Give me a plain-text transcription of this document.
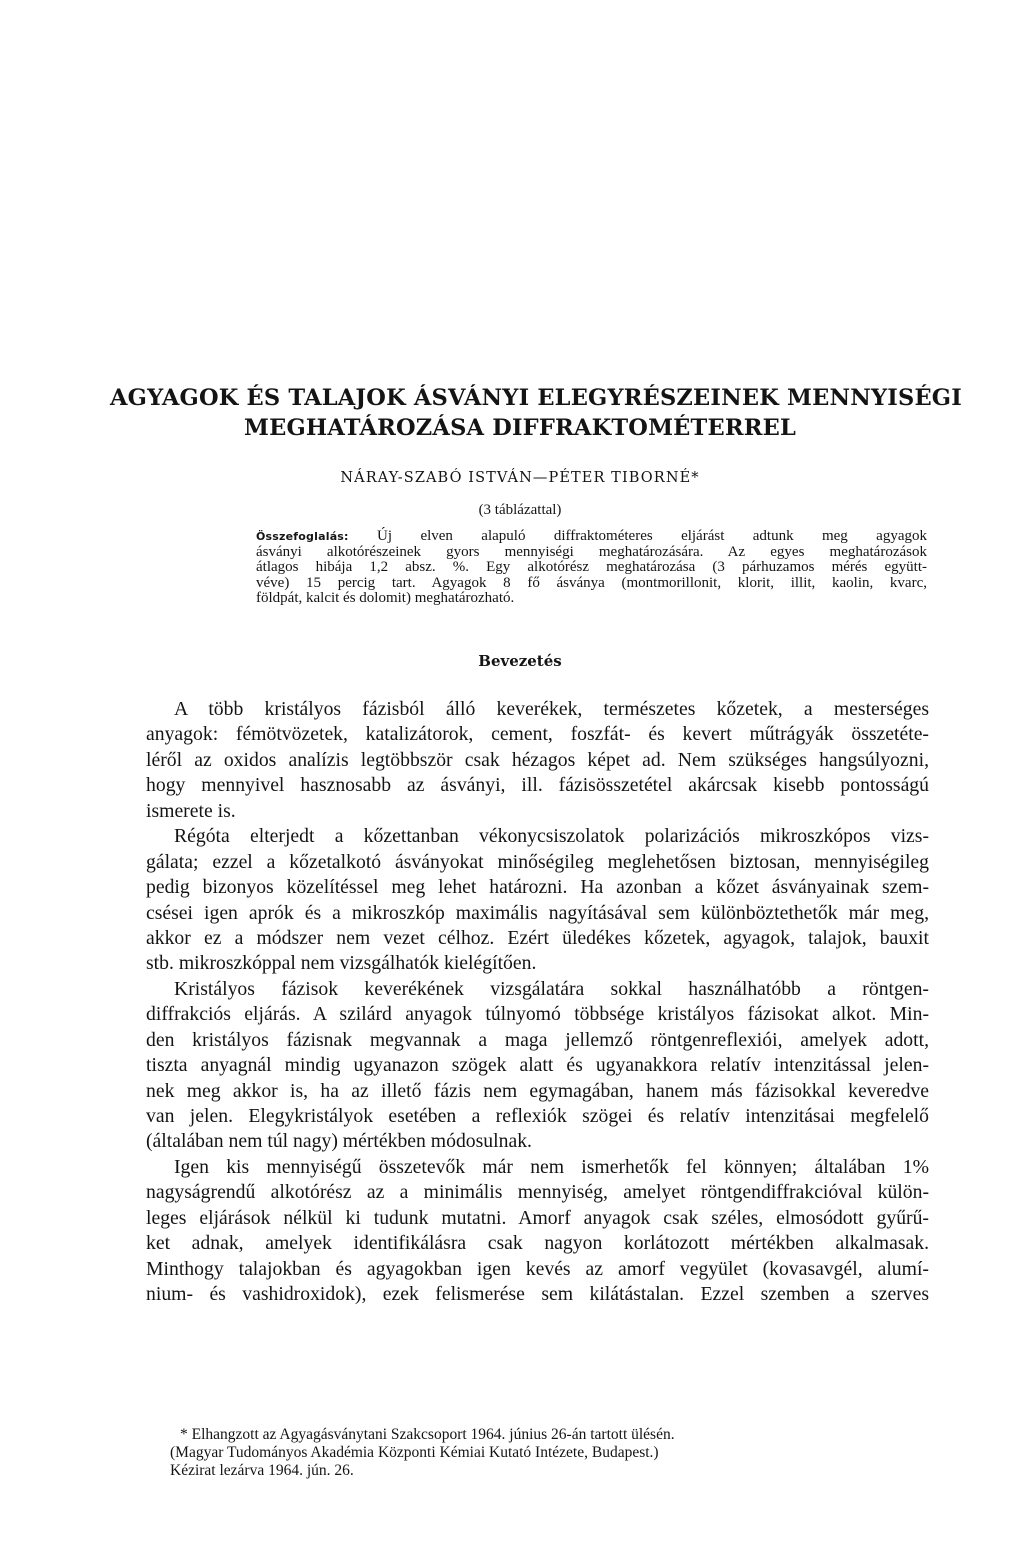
AGYAGOK ÉS TALAJOK ÁSVÁNYI ELEGYRÉSZEINEK MENNYISÉGI
MEGHATÁROZÁSA DIFFRAKTOMÉTERREL
NÁRAY-SZABÓ ISTVÁN—PÉTER TIBORNÉ*
(3 táblázattal)
Összefoglalás: Új elven alapuló diffraktométeres eljárást adtunk meg agyagok
ásványi alkotórészeinek gyors mennyiségi meghatározására. Az egyes meghatározások
átlagos hibája 1,2 absz. %. Egy alkotórész meghatározása (3 párhuzamos mérés együtt-
véve) 15 percig tart. Agyagok 8 fő ásványa (montmorillonit, klorit, illit, kaolin, kvarc,
földpát, kalcit és dolomit) meghatározható.
Bevezetés
A több kristályos fázisból álló keverékek, természetes kőzetek, a mesterséges
anyagok: fémötvözetek, katalizátorok, cement, foszfát- és kevert műtrágyák összetéte-
léről az oxidos analízis legtöbbször csak hézagos képet ad. Nem szükséges hangsúlyozni,
hogy mennyivel hasznosabb az ásványi, ill. fázisösszetétel akárcsak kisebb pontosságú
ismerete is.
Régóta elterjedt a kőzettanban vékonycsiszolatok polarizációs mikroszkópos vizs-
gálata; ezzel a kőzetalkotó ásványokat minőségileg meglehetősen biztosan, mennyiségileg
pedig bizonyos közelítéssel meg lehet határozni. Ha azonban a kőzet ásványainak szem-
csései igen aprók és a mikroszkóp maximális nagyításával sem különböztethetők már meg,
akkor ez a módszer nem vezet célhoz. Ezért üledékes kőzetek, agyagok, talajok, bauxit
stb. mikroszkóppal nem vizsgálhatók kielégítően.
Kristályos fázisok keverékének vizsgálatára sokkal használhatóbb a röntgen-
diffrakciós eljárás. A szilárd anyagok túlnyomó többsége kristályos fázisokat alkot. Min-
den kristályos fázisnak megvannak a maga jellemző röntgenreflexiói, amelyek adott,
tiszta anyagnál mindig ugyanazon szögek alatt és ugyanakkora relatív intenzitással jelen-
nek meg akkor is, ha az illető fázis nem egymagában, hanem más fázisokkal keveredve
van jelen. Elegykristályok esetében a reflexiók szögei és relatív intenzitásai megfelelő
(általában nem túl nagy) mértékben módosulnak.
Igen kis mennyiségű összetevők már nem ismerhetők fel könnyen; általában 1%
nagyságrendű alkotórész az a minimális mennyiség, amelyet röntgendiffrakcióval külön-
leges eljárások nélkül ki tudunk mutatni. Amorf anyagok csak széles, elmosódott gyűrű-
ket adnak, amelyek identifikálásra csak nagyon korlátozott mértékben alkalmasak.
Minthogy talajokban és agyagokban igen kevés az amorf vegyület (kovasavgél, alumí-
nium- és vashidroxidok), ezek felismerése sem kilátástalan. Ezzel szemben a szerves
* Elhangzott az Agyagásványtani Szakcsoport 1964. június 26-án tartott ülésén.
(Magyar Tudományos Akadémia Központi Kémiai Kutató Intézete, Budapest.)
Kézirat lezárva 1964. jún. 26.
